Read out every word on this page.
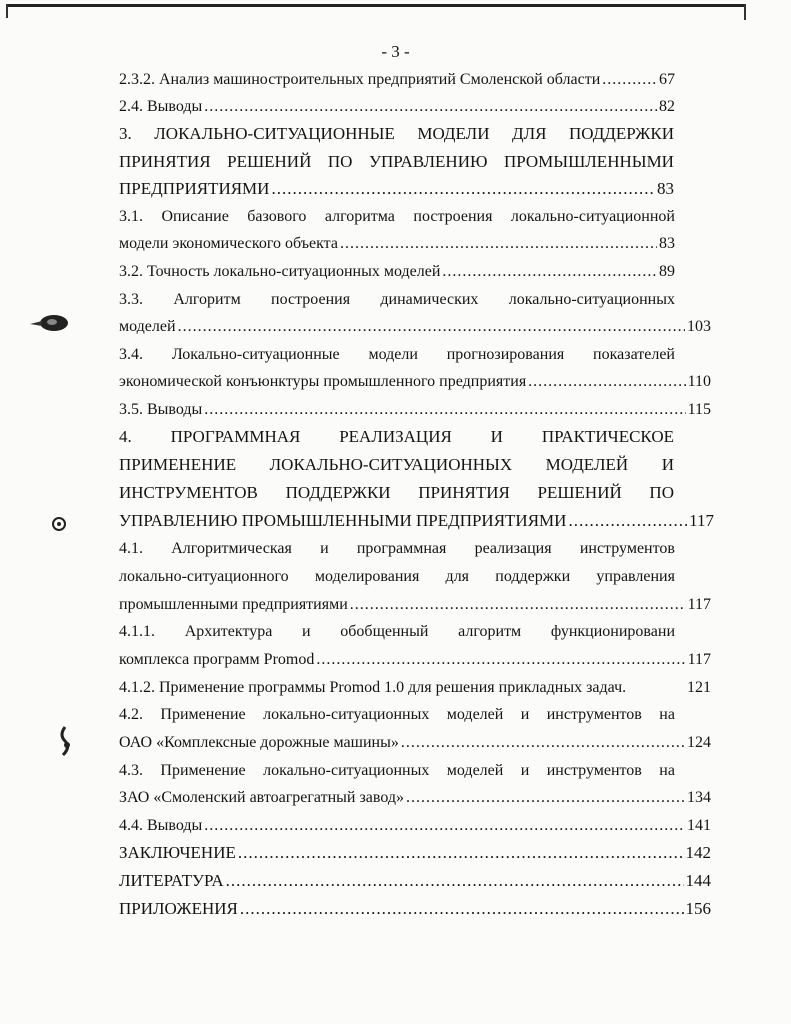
- 3 -
2.3.2. Анализ машиностроительных предприятий Смоленской области .....	67
2.4. Выводы .....	82
3. ЛОКАЛЬНО-СИТУАЦИОННЫЕ МОДЕЛИ ДЛЯ ПОДДЕРЖКИ
ПРИНЯТИЯ РЕШЕНИЙ ПО УПРАВЛЕНИЮ ПРОМЫШЛЕННЫМИ
ПРЕДПРИЯТИЯМИ .....	83
3.1. Описание базового алгоритма построения локально-ситуационной
модели экономического объекта .....	83
3.2. Точность локально-ситуационных моделей .....	89
3.3. Алгоритм построения динамических локально-ситуационных
моделей .....	103
3.4. Локально-ситуационные модели прогнозирования показателей
экономической конъюнктуры промышленного предприятия .....	110
3.5. Выводы .....	115
4. ПРОГРАММНАЯ РЕАЛИЗАЦИЯ И ПРАКТИЧЕСКОЕ
ПРИМЕНЕНИЕ ЛОКАЛЬНО-СИТУАЦИОННЫХ МОДЕЛЕЙ И
ИНСТРУМЕНТОВ ПОДДЕРЖКИ ПРИНЯТИЯ РЕШЕНИЙ ПО
УПРАВЛЕНИЮ ПРОМЫШЛЕННЫМИ ПРЕДПРИЯТИЯМИ .....	117
4.1. Алгоритмическая и программная реализация инструментов
локально-ситуационного моделирования для поддержки управления
промышленными предприятиями .....	117
4.1.1. Архитектура и обобщенный алгоритм функционировани
комплекса программ Promod .....	117
4.1.2. Применение программы Promod 1.0 для решения прикладных задач.	121
4.2. Применение локально-ситуационных моделей и инструментов на
ОАО «Комплексные дорожные машины» .....	124
4.3. Применение локально-ситуационных моделей и инструментов на
ЗАО «Смоленский автоагрегатный завод» .....	134
4.4. Выводы .....	141
ЗАКЛЮЧЕНИЕ .....	142
ЛИТЕРАТУРА .....	144
ПРИЛОЖЕНИЯ .....	156
